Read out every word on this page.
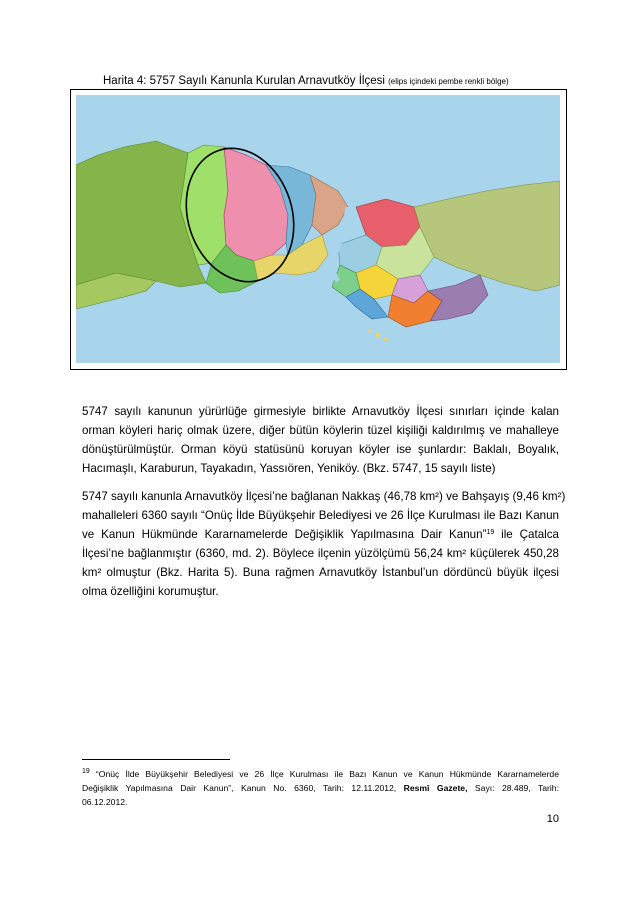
Harita 4: 5757 Sayılı Kanunla Kurulan Arnavutköy İlçesi (elips içindeki pembe renkli bölge)
5747 sayılı kanunun yürürlüğe girmesiyle birlikte Arnavutköy İlçesi sınırları içinde kalan
orman köyleri hariç olmak üzere, diğer bütün köylerin tüzel kişiliği kaldırılmış ve mahalleye
dönüştürülmüştür. Orman köyü statüsünü koruyan köyler ise şunlardır: Baklalı, Boyalık,
Hacımaşlı, Karaburun, Tayakadın, Yassıören, Yeniköy. (Bkz. 5747, 15 sayılı liste)
5747 sayılı kanunla Arnavutköy İlçesi’ne bağlanan Nakkaş (46,78 km²) ve Bahşayış (9,46 km²)
mahalleleri 6360 sayılı “Onüç İlde Büyükşehir Belediyesi ve 26 İlçe Kurulması ile Bazı Kanun
ve Kanun Hükmünde Kararnamelerde Değişiklik Yapılmasına Dair Kanun”$^{19}$ ile Çatalca
İlçesi’ne bağlanmıştır (6360, md. 2). Böylece ilçenin yüzölçümü 56,24 km² küçülerek 450,28
km² olmuştur (Bkz. Harita 5). Buna rağmen Arnavutköy İstanbul’un dördüncü büyük ilçesi
olma özelliğini korumuştur.
$^{19}$ “Onüç İlde Büyükşehir Belediyesi ve 26 İlçe Kurulması ile Bazı Kanun ve Kanun Hükmünde Kararnamelerde
Değişiklik Yapılmasına Dair Kanun”, Kanun No. 6360, Tarih: 12.11.2012, Resmî Gazete, Sayı: 28.489, Tarih:
06.12.2012.
10
